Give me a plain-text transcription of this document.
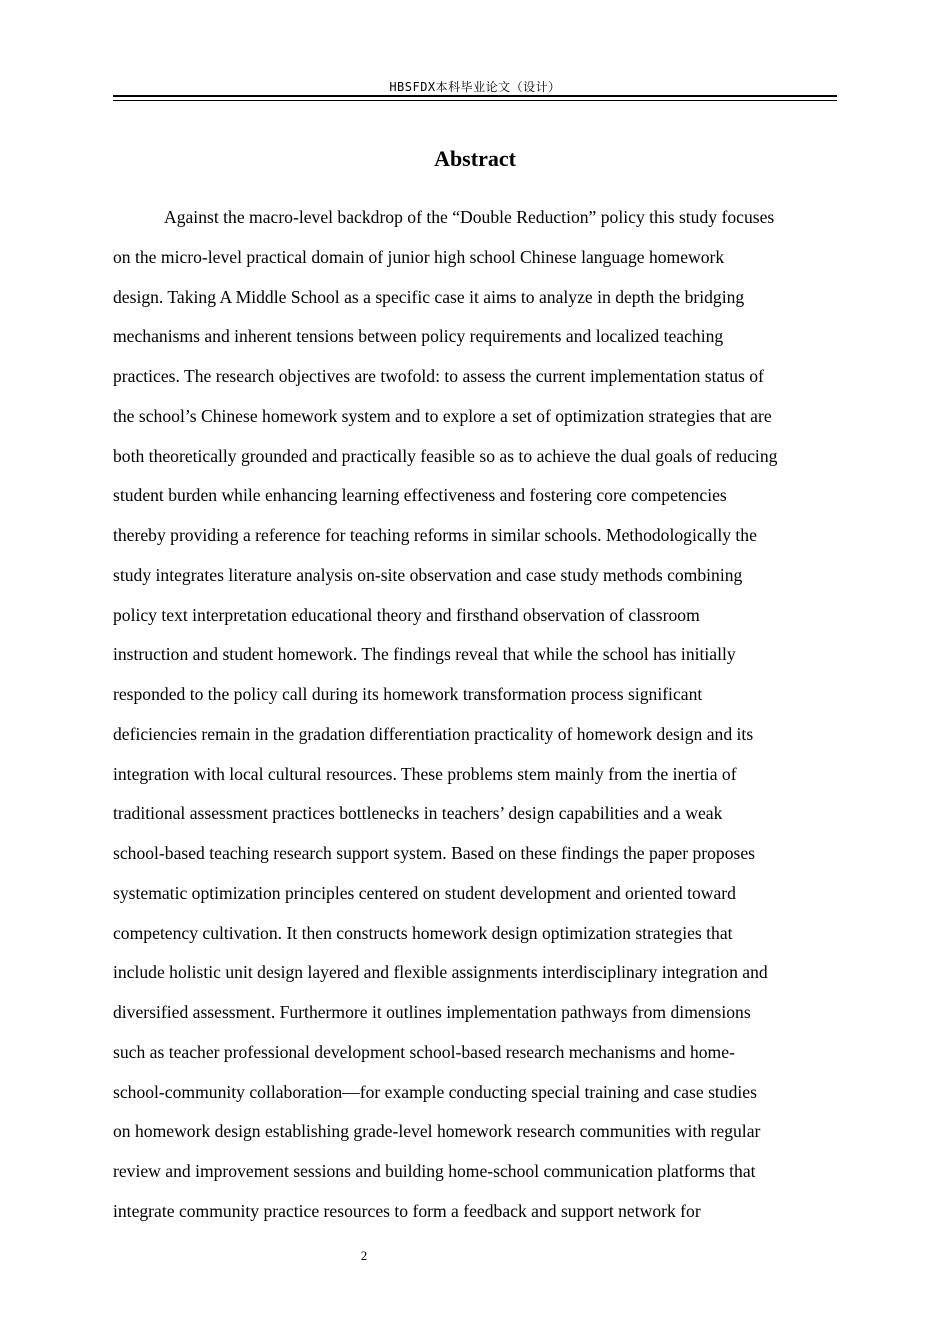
HBSFDX本科毕业论文（设计）
Abstract
Against the macro-level backdrop of the “Double Reduction” policy this study focuses
on the micro-level practical domain of junior high school Chinese language homework
design. Taking A Middle School as a specific case it aims to analyze in depth the bridging
mechanisms and inherent tensions between policy requirements and localized teaching
practices. The research objectives are twofold: to assess the current implementation status of
the school’s Chinese homework system and to explore a set of optimization strategies that are
both theoretically grounded and practically feasible so as to achieve the dual goals of reducing
student burden while enhancing learning effectiveness and fostering core competencies
thereby providing a reference for teaching reforms in similar schools. Methodologically the
study integrates literature analysis on-site observation and case study methods combining
policy text interpretation educational theory and firsthand observation of classroom
instruction and student homework. The findings reveal that while the school has initially
responded to the policy call during its homework transformation process significant
deficiencies remain in the gradation differentiation practicality of homework design and its
integration with local cultural resources. These problems stem mainly from the inertia of
traditional assessment practices bottlenecks in teachers’ design capabilities and a weak
school-based teaching research support system. Based on these findings the paper proposes
systematic optimization principles centered on student development and oriented toward
competency cultivation. It then constructs homework design optimization strategies that
include holistic unit design layered and flexible assignments interdisciplinary integration and
diversified assessment. Furthermore it outlines implementation pathways from dimensions
such as teacher professional development school-based research mechanisms and home-
school-community collaboration—for example conducting special training and case studies
on homework design establishing grade-level homework research communities with regular
review and improvement sessions and building home-school communication platforms that
integrate community practice resources to form a feedback and support network for
2
